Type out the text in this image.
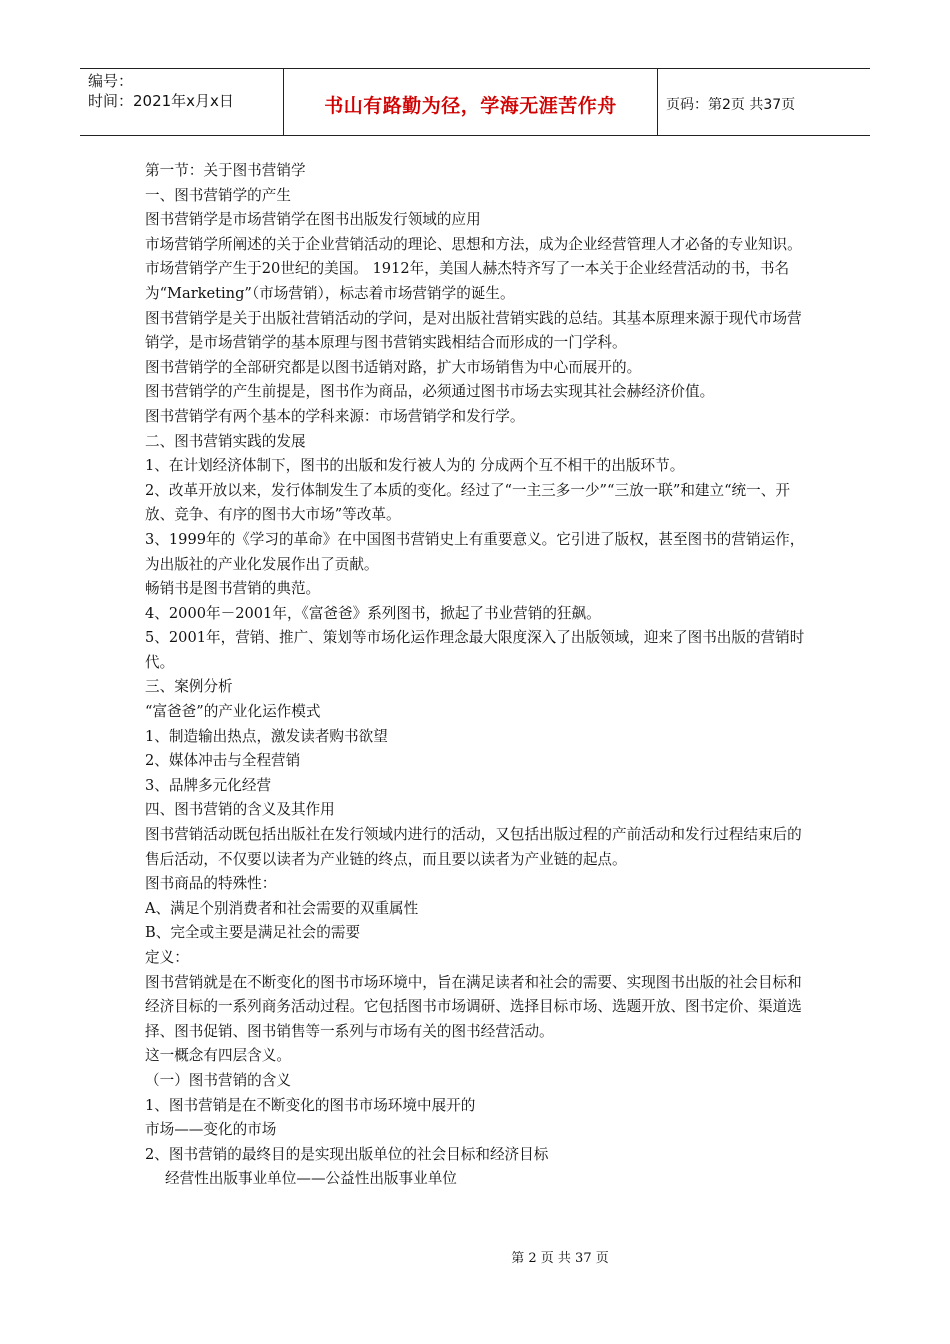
编号：
时间：2021年x月x日	书山有路勤为径，学海无涯苦作舟	页码：第2页 共37页

第一节：关于图书营销学

一、图书营销学的产生

图书营销学是市场营销学在图书出版发行领域的应用

市场营销学所阐述的关于企业营销活动的理论、思想和方法，成为企业经营管理人才必备的专业知识。

市场营销学产生于20世纪的美国。 1912年，美国人赫杰特齐写了一本关于企业经营活动的书，书名为“Marketing”（市场营销），标志着市场营销学的诞生。

图书营销学是关于出版社营销活动的学问，是对出版社营销实践的总结。其基本原理来源于现代市场营销学，是市场营销学的基本原理与图书营销实践相结合而形成的一门学科。

图书营销学的全部研究都是以图书适销对路，扩大市场销售为中心而展开的。

图书营销学的产生前提是，图书作为商品，必须通过图书市场去实现其社会赫经济价值。

图书营销学有两个基本的学科来源：市场营销学和发行学。

二、图书营销实践的发展

1、在计划经济体制下，图书的出版和发行被人为的 分成两个互不相干的出版环节。

2、改革开放以来，发行体制发生了本质的变化。经过了“一主三多一少”“三放一联”和建立“统一、开放、竞争、有序的图书大市场”等改革。

3、1999年的《学习的革命》在中国图书营销史上有重要意义。它引进了版权，甚至图书的营销运作，为出版社的产业化发展作出了贡献。

畅销书是图书营销的典范。

4、2000年－2001年，《富爸爸》系列图书，掀起了书业营销的狂飙。

5、2001年，营销、推广、策划等市场化运作理念最大限度深入了出版领域，迎来了图书出版的营销时代。

三、案例分析

“富爸爸”的产业化运作模式

1、制造输出热点，激发读者购书欲望

2、媒体冲击与全程营销

3、品牌多元化经营

四、图书营销的含义及其作用

图书营销活动既包括出版社在发行领域内进行的活动，又包括出版过程的产前活动和发行过程结束后的售后活动，不仅要以读者为产业链的终点，而且要以读者为产业链的起点。

图书商品的特殊性：

A、满足个别消费者和社会需要的双重属性

B、完全或主要是满足社会的需要

定义：

图书营销就是在不断变化的图书市场环境中，旨在满足读者和社会的需要、实现图书出版的社会目标和经济目标的一系列商务活动过程。它包括图书市场调研、选择目标市场、选题开放、图书定价、渠道选择、图书促销、图书销售等一系列与市场有关的图书经营活动。

这一概念有四层含义。

（一）图书营销的含义

1、图书营销是在不断变化的图书市场环境中展开的

市场——变化的市场

2、图书营销的最终目的是实现出版单位的社会目标和经济目标

经营性出版事业单位——公益性出版事业单位

第 2 页 共 37 页
